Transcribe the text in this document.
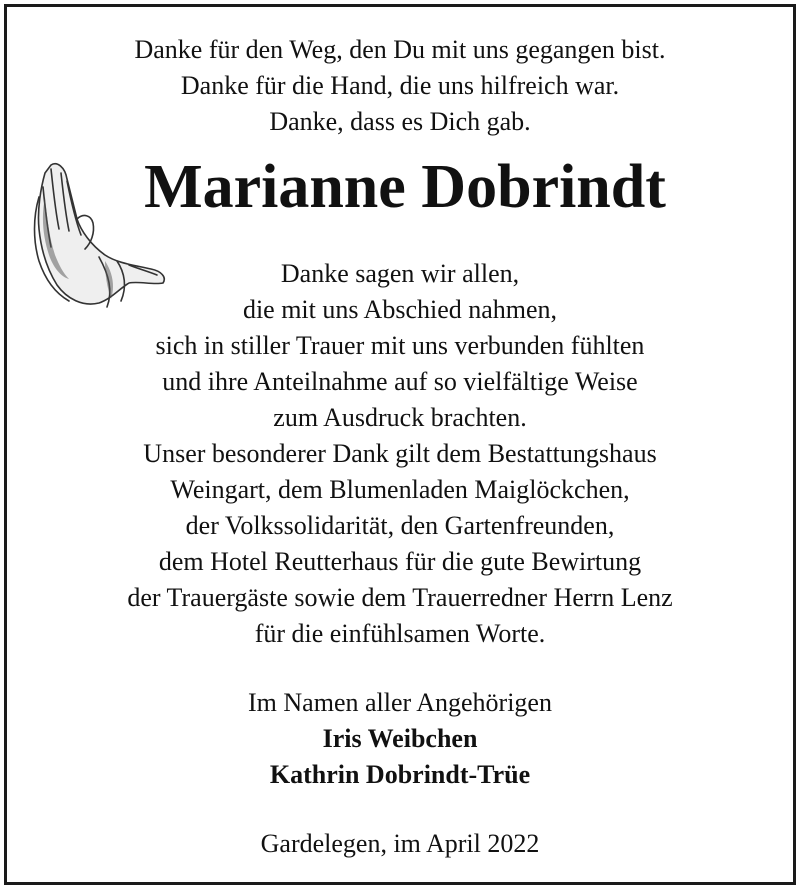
Danke für den Weg, den Du mit uns gegangen bist.
Danke für die Hand, die uns hilfreich war.
Danke, dass es Dich gab.
Marianne Dobrindt
Danke sagen wir allen,
die mit uns Abschied nahmen,
sich in stiller Trauer mit uns verbunden fühlten
und ihre Anteilnahme auf so vielfältige Weise
zum Ausdruck brachten.
Unser besonderer Dank gilt dem Bestattungshaus
Weingart, dem Blumenladen Maiglöckchen,
der Volkssolidarität, den Gartenfreunden,
dem Hotel Reutterhaus für die gute Bewirtung
der Trauergäste sowie dem Trauerredner Herrn Lenz
für die einfühlsamen Worte.
Im Namen aller Angehörigen
Iris Weibchen
Kathrin Dobrindt-Trüe
Gardelegen, im April 2022
